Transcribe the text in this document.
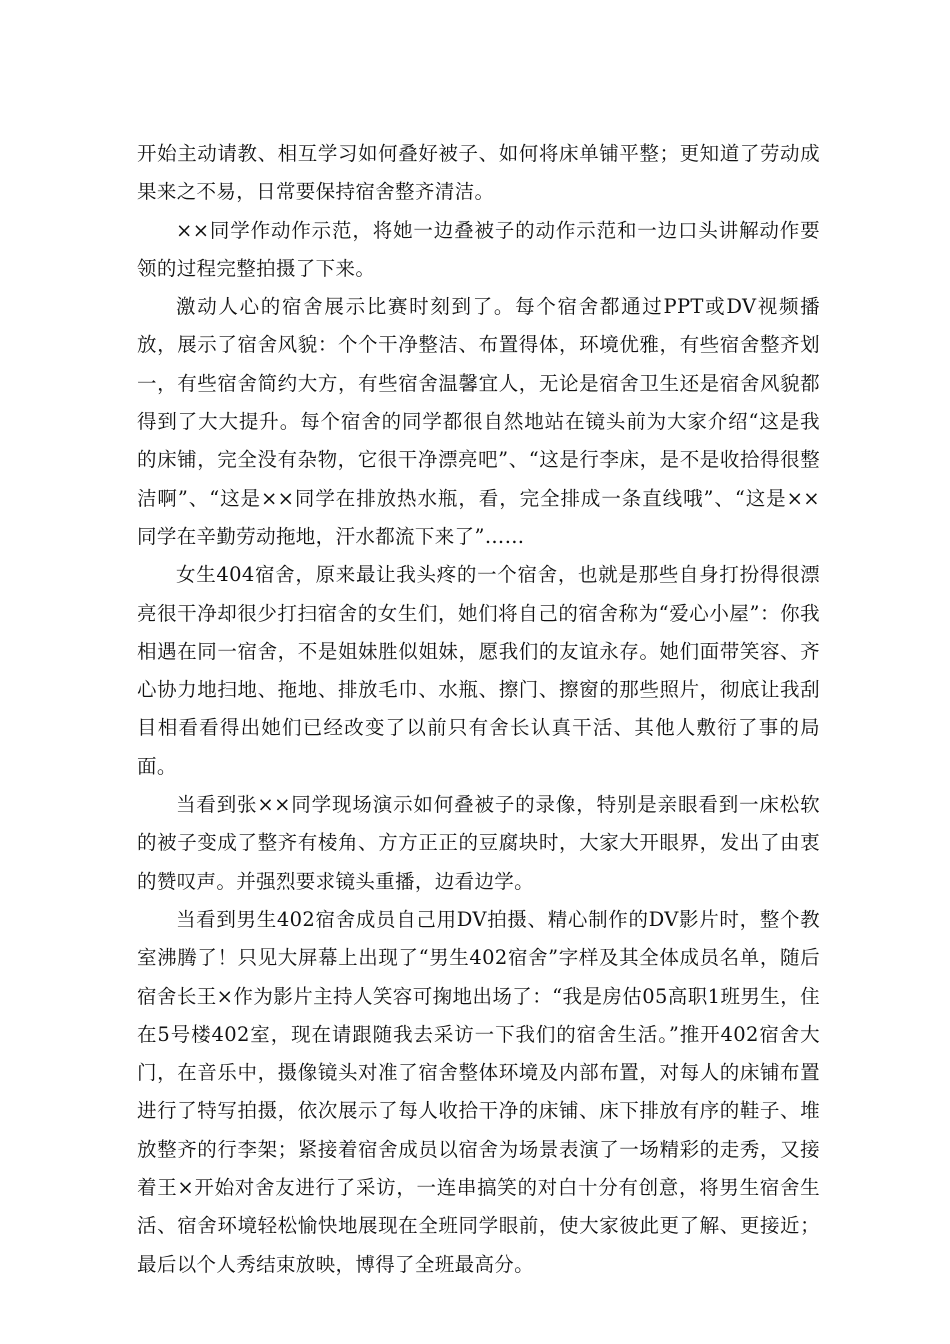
开始主动请教、相互学习如何叠好被子、如何将床单铺平整；更知道了劳动成果来之不易，日常要保持宿舍整齐清洁。

××同学作动作示范，将她一边叠被子的动作示范和一边口头讲解动作要领的过程完整拍摄了下来。

激动人心的宿舍展示比赛时刻到了。每个宿舍都通过PPT或DV视频播放，展示了宿舍风貌：个个干净整洁、布置得体，环境优雅，有些宿舍整齐划一，有些宿舍简约大方，有些宿舍温馨宜人，无论是宿舍卫生还是宿舍风貌都得到了大大提升。每个宿舍的同学都很自然地站在镜头前为大家介绍“这是我的床铺，完全没有杂物，它很干净漂亮吧”、“这是行李床，是不是收拾得很整洁啊”、“这是××同学在排放热水瓶，看，完全排成一条直线哦”、“这是××同学在辛勤劳动拖地，汗水都流下来了”……

女生404宿舍，原来最让我头疼的一个宿舍，也就是那些自身打扮得很漂亮很干净却很少打扫宿舍的女生们，她们将自己的宿舍称为“爱心小屋”：你我相遇在同一宿舍，不是姐妹胜似姐妹，愿我们的友谊永存。她们面带笑容、齐心协力地扫地、拖地、排放毛巾、水瓶、擦门、擦窗的那些照片，彻底让我刮目相看看得出她们已经改变了以前只有舍长认真干活、其他人敷衍了事的局面。

当看到张××同学现场演示如何叠被子的录像，特别是亲眼看到一床松软的被子变成了整齐有棱角、方方正正的豆腐块时，大家大开眼界，发出了由衷的赞叹声。并强烈要求镜头重播，边看边学。

当看到男生402宿舍成员自己用DV拍摄、精心制作的DV影片时，整个教室沸腾了！只见大屏幕上出现了“男生402宿舍”字样及其全体成员名单，随后宿舍长王×作为影片主持人笑容可掬地出场了：“我是房估05高职1班男生，住在5号楼402室，现在请跟随我去采访一下我们的宿舍生活。”推开402宿舍大门，在音乐中，摄像镜头对准了宿舍整体环境及内部布置，对每人的床铺布置进行了特写拍摄，依次展示了每人收拾干净的床铺、床下排放有序的鞋子、堆放整齐的行李架；紧接着宿舍成员以宿舍为场景表演了一场精彩的走秀，又接着王×开始对舍友进行了采访，一连串搞笑的对白十分有创意，将男生宿舍生活、宿舍环境轻松愉快地展现在全班同学眼前，使大家彼此更了解、更接近；最后以个人秀结束放映，博得了全班最高分。
